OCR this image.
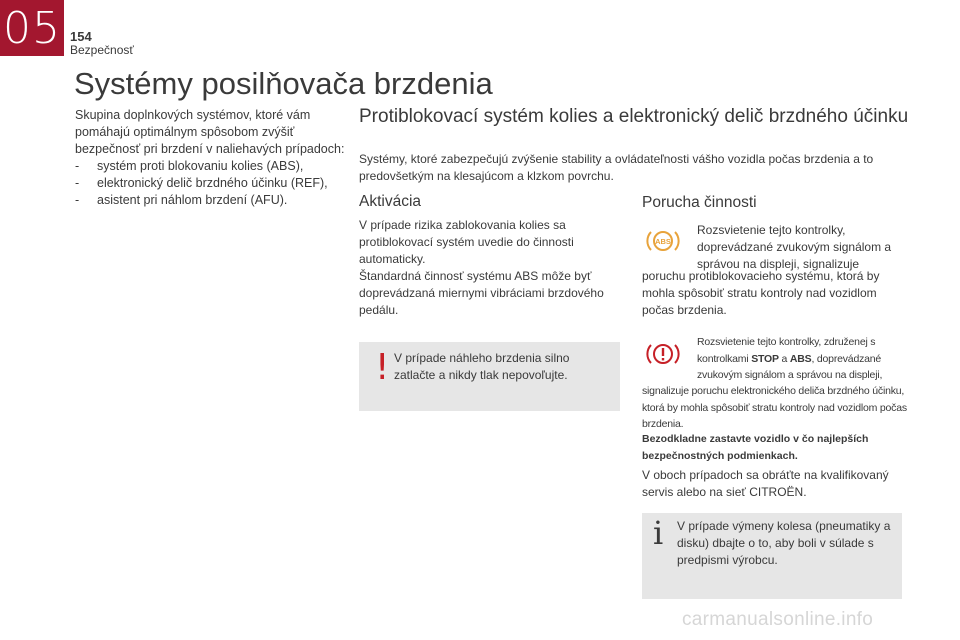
05 154
Bezpečnosť
Systémy posilňovača brzdenia

Skupina doplnkových systémov, ktoré vám pomáhajú optimálnym spôsobom zvýšiť bezpečnosť pri brzdení v naliehavých prípadoch:

- systém proti blokovaniu kolies (ABS),
- elektronický delič brzdného účinku (REF),
- asistent pri náhlom brzdení (AFU).
Protiblokovací systém kolies a elektronický delič brzdného účinku

Systémy, ktoré zabezpečujú zvýšenie stability a ovládateľnosti vášho vozidla počas brzdenia a to predovšetkým na klesajúcom a klzkom povrchu.

Aktivácia

V prípade rizika zablokovania kolies sa protiblokovací systém uvedie do činnosti automaticky.

Štandardná činnosť systému ABS môže byť doprevádzaná miernymi vibráciami brzdového pedálu.

! V prípade náhleho brzdenia silno zatlačte a nikdy tlak nepovoľujte.

Porucha činnosti
ABS

Rozsvietenie tejto kontrolky, doprevádzané zvukovým signálom a správou na displeji, signalizuje

poruchu protiblokovacieho systému, ktorá by mohla spôsobiť stratu kontroly nad vozidlom počas brzdenia.

Rozsvietenie tejto kontrolky, združenej s kontrolkami STOP a ABS, doprevádzané zvukovým signálom a správou na displeji,

signalizuje poruchu elektronického deliča brzdného účinku, ktorá by mohla spôsobiť stratu kontroly nad vozidlom počas brzdenia.

Bezodkladne zastavte vozidlo v čo najlepších bezpečnostných podmienkach.

V oboch prípadoch sa obráťte na kvalifikovaný servis alebo na sieť CITROËN.

i V prípade výmeny kolesa (pneumatiky a disku) dbajte o to, aby boli v súlade s predpismi výrobcu.

carmanualsonline.info
